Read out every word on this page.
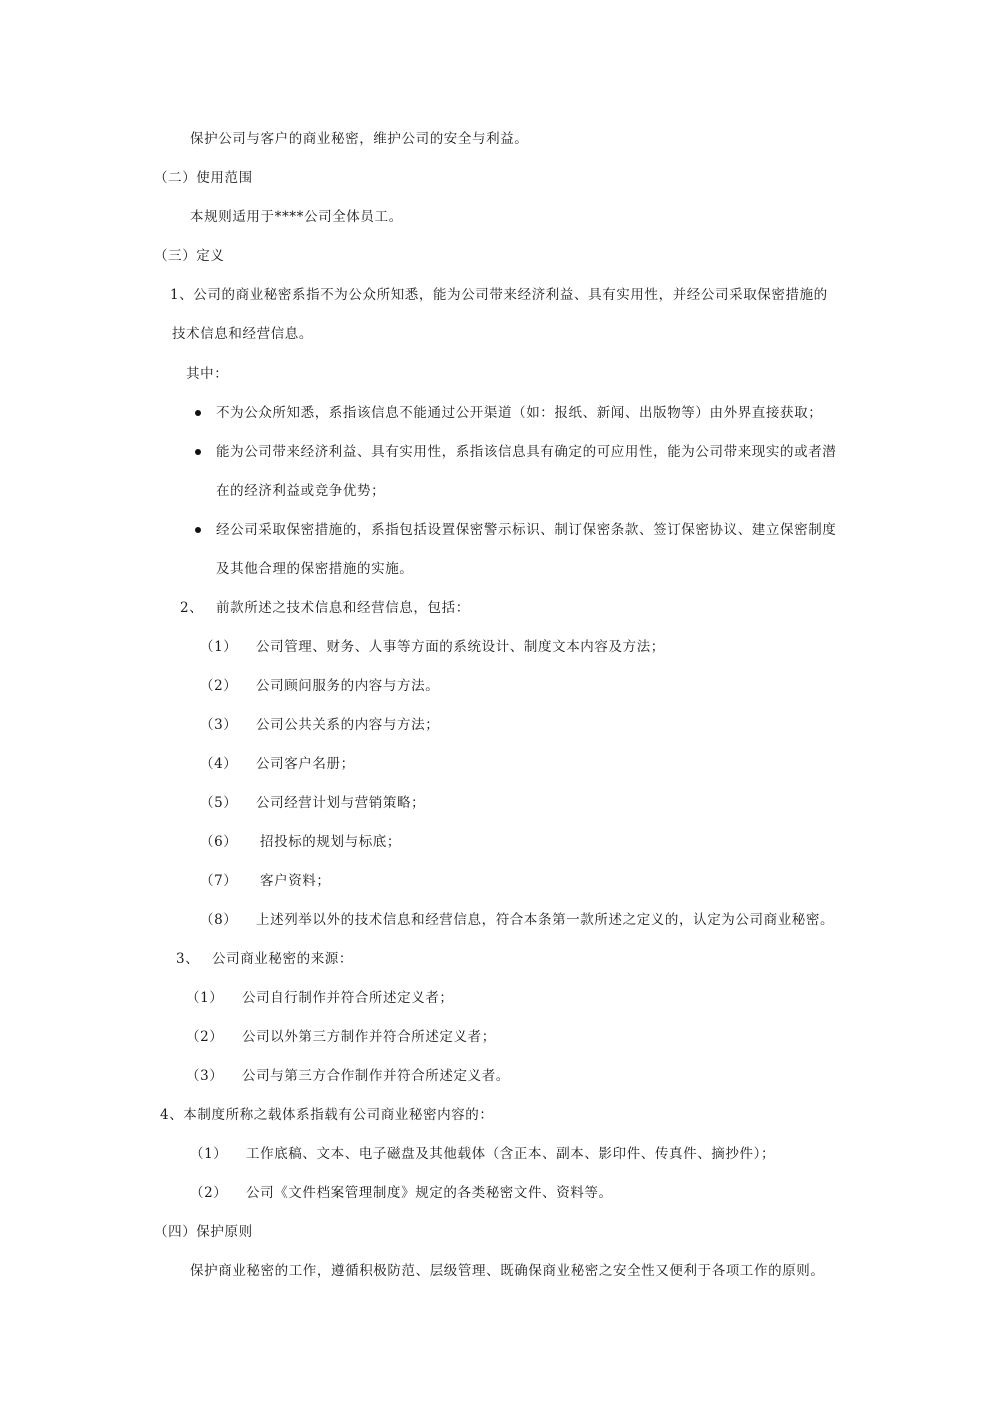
保护公司与客户的商业秘密，维护公司的安全与利益。
（二）使用范围
本规则适用于****公司全体员工。
（三）定义
1、公司的商业秘密系指不为公众所知悉，能为公司带来经济利益、具有实用性，并经公司采取保密措施的
技术信息和经营信息。
其中：
不为公众所知悉，系指该信息不能通过公开渠道（如：报纸、新闻、出版物等）由外界直接获取；
能为公司带来经济利益、具有实用性，系指该信息具有确定的可应用性，能为公司带来现实的或者潜
在的经济利益或竞争优势；
经公司采取保密措施的，系指包括设置保密警示标识、制订保密条款、签订保密协议、建立保密制度
及其他合理的保密措施的实施。
2、 前款所述之技术信息和经营信息，包括：
（1） 公司管理、财务、人事等方面的系统设计、制度文本内容及方法；
（2） 公司顾问服务的内容与方法。
（3） 公司公共关系的内容与方法；
（4） 公司客户名册；
（5） 公司经营计划与营销策略；
（6） 招投标的规划与标底；
（7） 客户资料；
（8） 上述列举以外的技术信息和经营信息，符合本条第一款所述之定义的，认定为公司商业秘密。
3、 公司商业秘密的来源：
（1） 公司自行制作并符合所述定义者；
（2） 公司以外第三方制作并符合所述定义者；
（3） 公司与第三方合作制作并符合所述定义者。
4、本制度所称之载体系指载有公司商业秘密内容的：
（1） 工作底稿、文本、电子磁盘及其他载体（含正本、副本、影印件、传真件、摘抄件）；
（2） 公司《文件档案管理制度》规定的各类秘密文件、资料等。
（四）保护原则
保护商业秘密的工作，遵循积极防范、层级管理、既确保商业秘密之安全性又便利于各项工作的原则。
